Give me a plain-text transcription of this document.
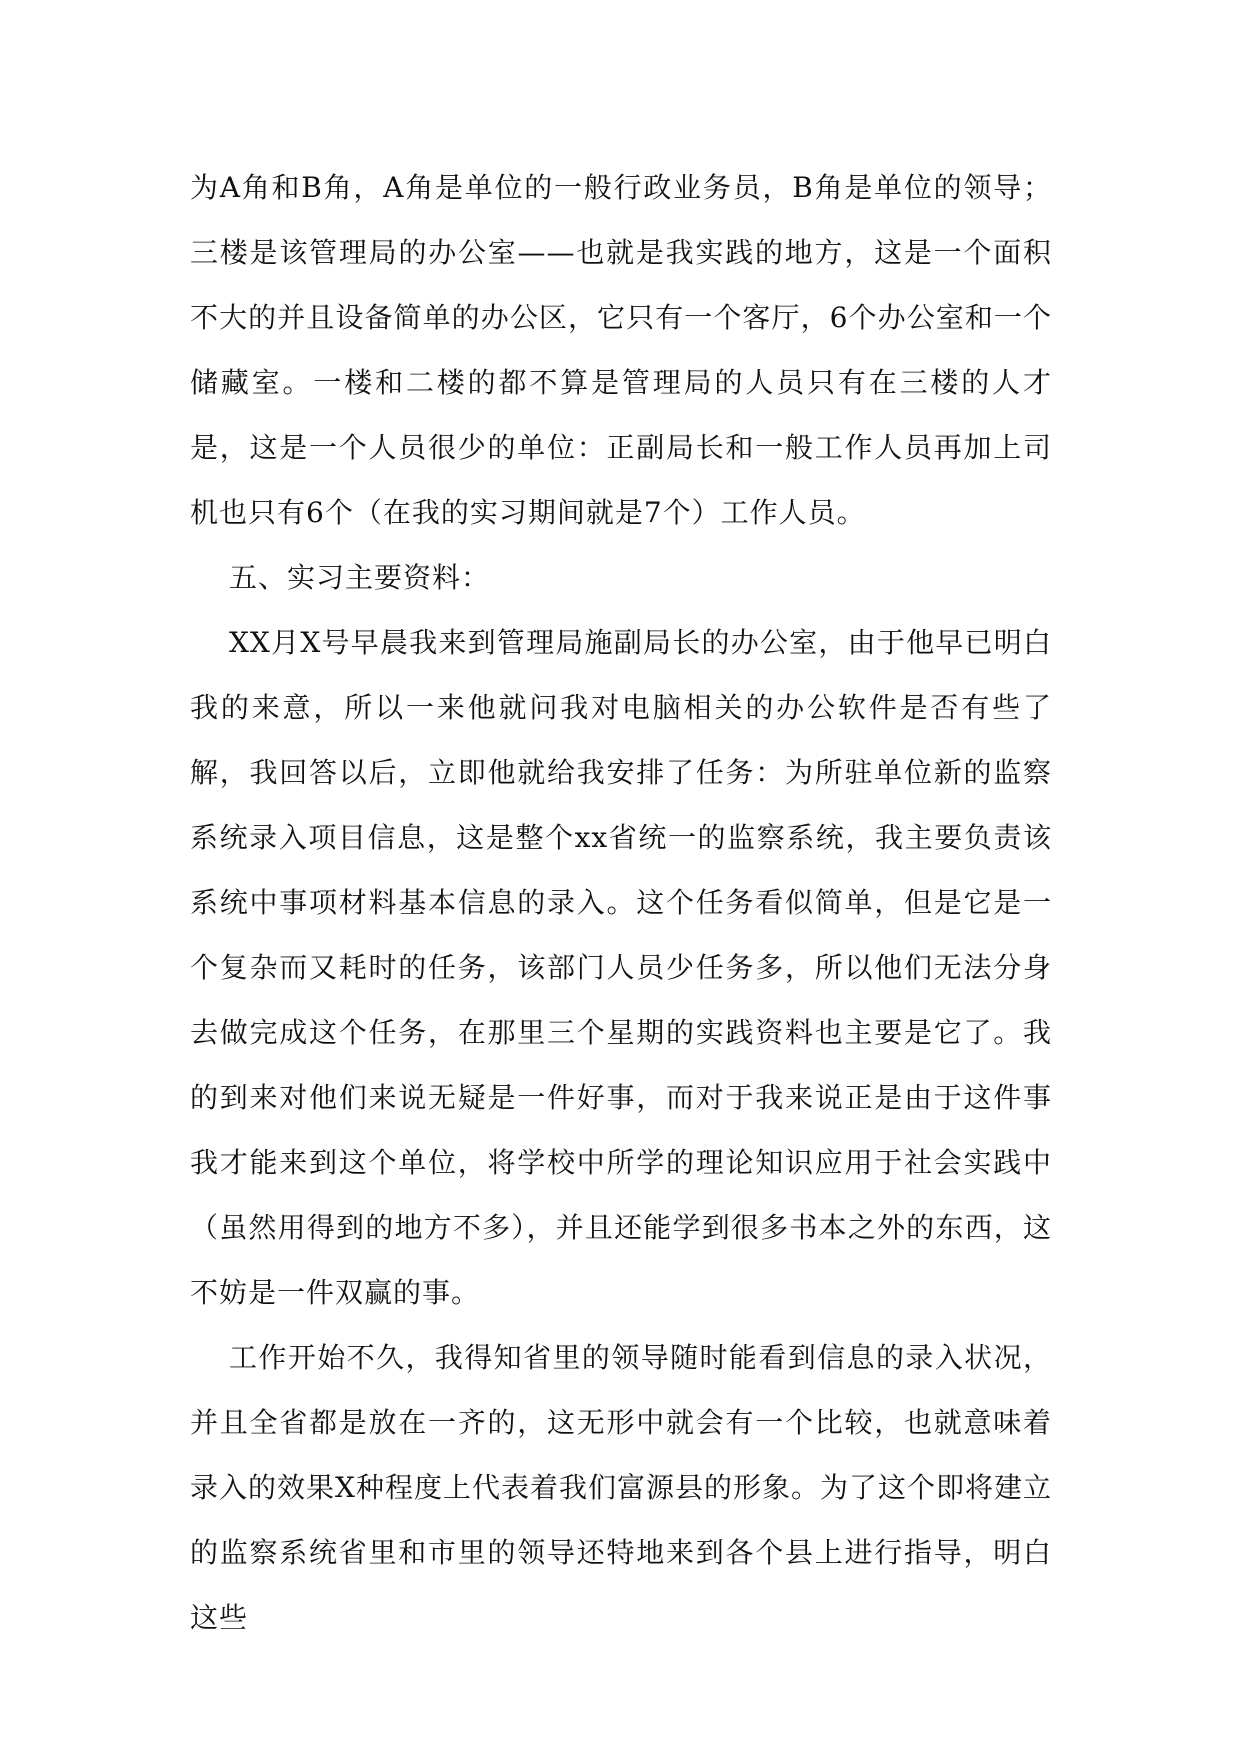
为A角和B角，A角是单位的一般行政业务员，B角是单位的领导；三楼是该管理局的办公室——也就是我实践的地方，这是一个面积不大的并且设备简单的办公区，它只有一个客厅，6个办公室和一个储藏室。一楼和二楼的都不算是管理局的人员只有在三楼的人才是，这是一个人员很少的单位：正副局长和一般工作人员再加上司机也只有6个（在我的实习期间就是7个）工作人员。

五、实习主要资料：

XX月X号早晨我来到管理局施副局长的办公室，由于他早已明白我的来意，所以一来他就问我对电脑相关的办公软件是否有些了解，我回答以后，立即他就给我安排了任务：为所驻单位新的监察系统录入项目信息，这是整个xx省统一的监察系统，我主要负责该系统中事项材料基本信息的录入。这个任务看似简单，但是它是一个复杂而又耗时的任务，该部门人员少任务多，所以他们无法分身去做完成这个任务，在那里三个星期的实践资料也主要是它了。我的到来对他们来说无疑是一件好事，而对于我来说正是由于这件事我才能来到这个单位，将学校中所学的理论知识应用于社会实践中（虽然用得到的地方不多），并且还能学到很多书本之外的东西，这不妨是一件双赢的事。

工作开始不久，我得知省里的领导随时能看到信息的录入状况，并且全省都是放在一齐的，这无形中就会有一个比较，也就意味着录入的效果X种程度上代表着我们富源县的形象。为了这个即将建立的监察系统省里和市里的领导还特地来到各个县上进行指导，明白这些
